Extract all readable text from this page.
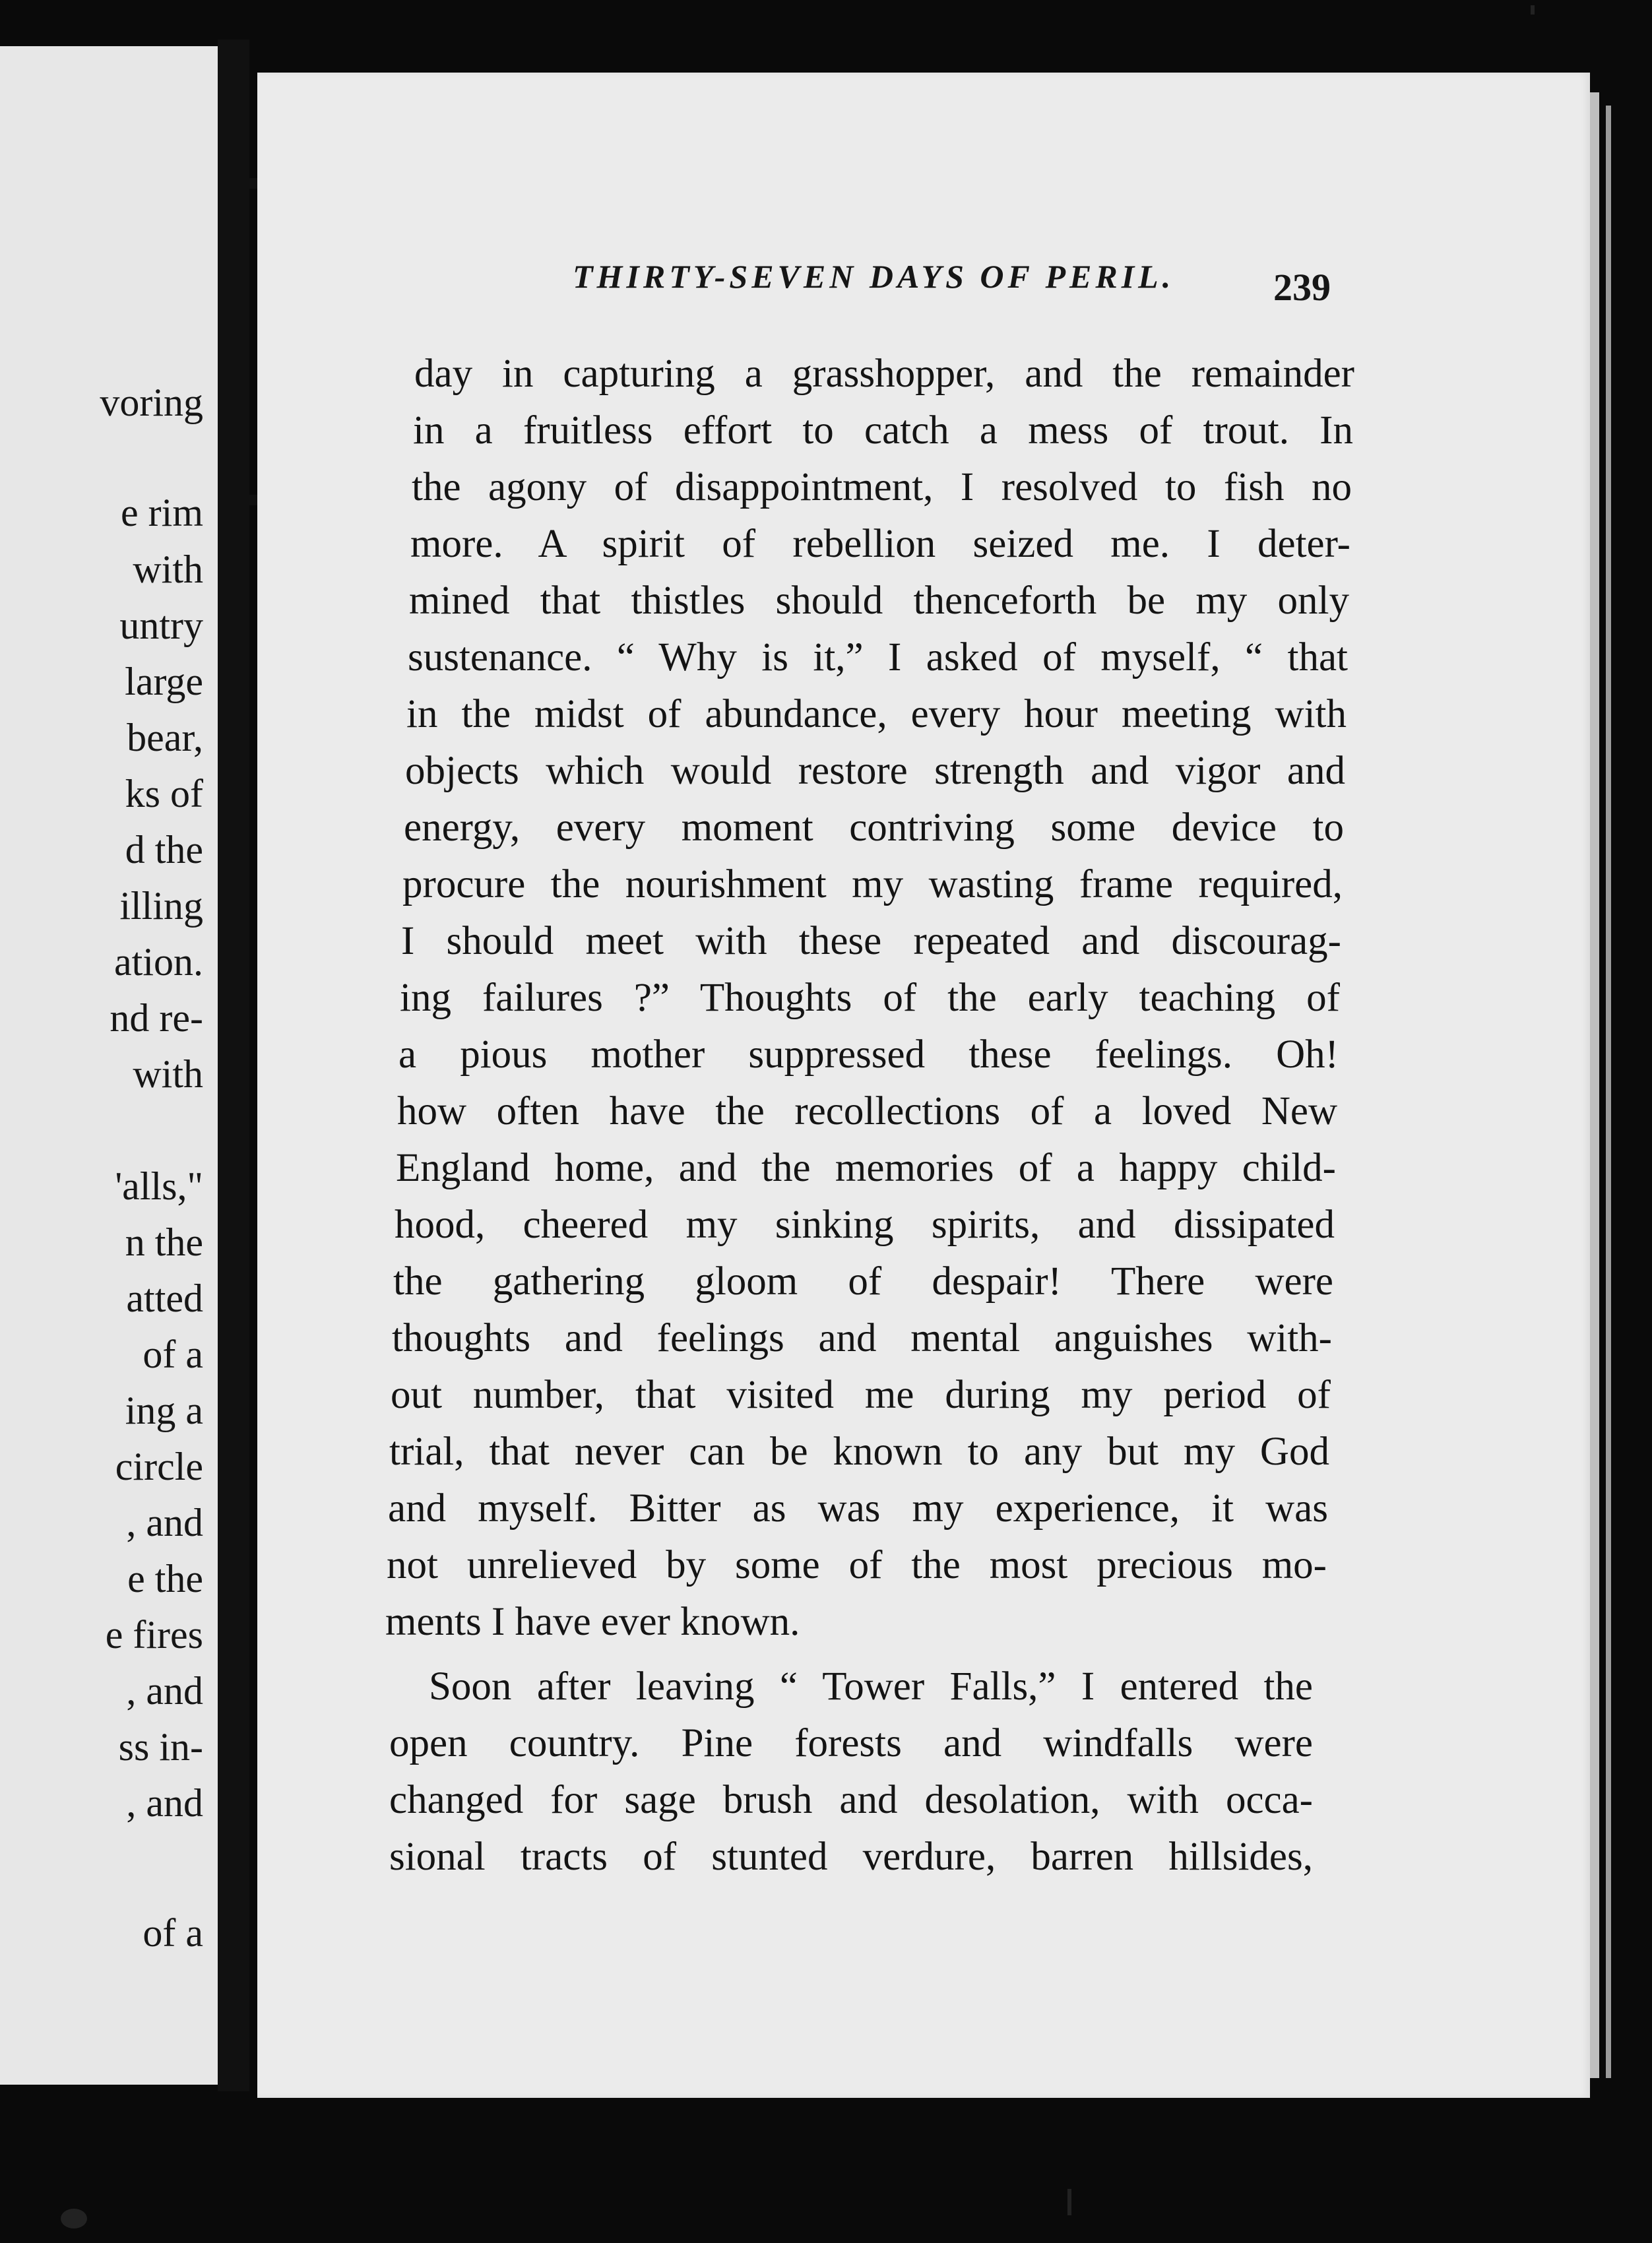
voring
e rim
with
untry
large
bear,
ks of
d the
illing
ation.
nd re-
with
'alls,"
n the
atted
of a
ing a
circle
, and
e the
e fires
, and
ss in-
, and
of a
THIRTY-SEVEN DAYS OF PERIL.	239
day in capturing a grasshopper, and the remainder
in a fruitless effort to catch a mess of trout. In
the agony of disappointment, I resolved to fish no
more. A spirit of rebellion seized me. I deter-
mined that thistles should thenceforth be my only
sustenance. “ Why is it,” I asked of myself, “ that
in the midst of abundance, every hour meeting with
objects which would restore strength and vigor and
energy, every moment contriving some device to
procure the nourishment my wasting frame required,
I should meet with these repeated and discourag-
ing failures ?” Thoughts of the early teaching of
a pious mother suppressed these feelings. Oh!
how often have the recollections of a loved New
England home, and the memories of a happy child-
hood, cheered my sinking spirits, and dissipated
the gathering gloom of despair! There were
thoughts and feelings and mental anguishes with-
out number, that visited me during my period of
trial, that never can be known to any but my God
and myself. Bitter as was my experience, it was
not unrelieved by some of the most precious mo-
ments I have ever known.
Soon after leaving “ Tower Falls,” I entered the
open country. Pine forests and windfalls were
changed for sage brush and desolation, with occa-
sional tracts of stunted verdure, barren hillsides,
